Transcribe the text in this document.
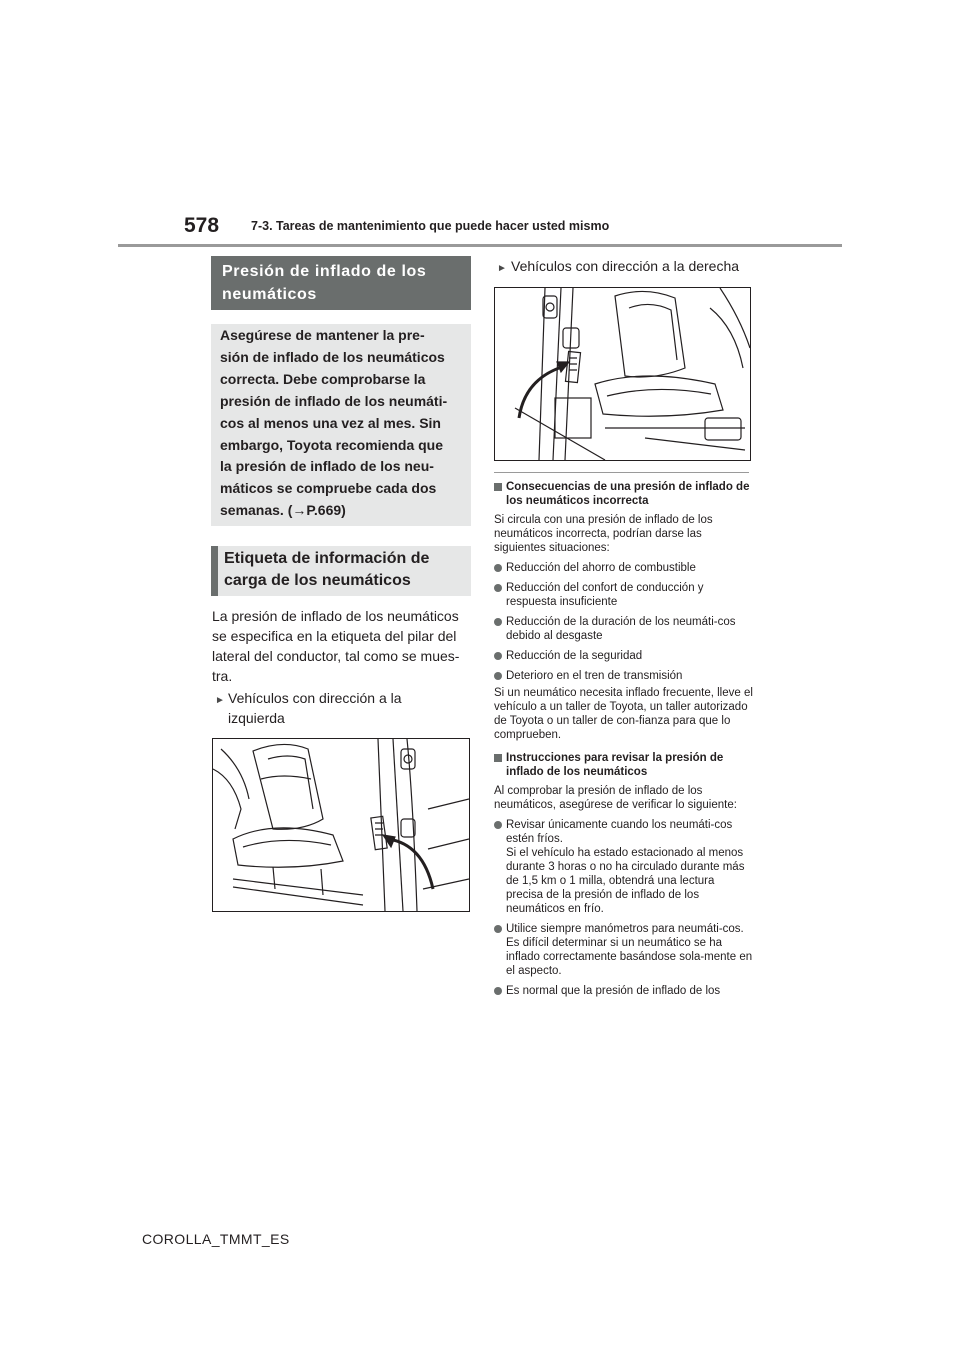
578	7-3. Tareas de mantenimiento que puede hacer usted mismo
Presión de inflado de los neumáticos
Asegúrese de mantener la pre-
sión de inflado de los neumáticos
correcta. Debe comprobarse la
presión de inflado de los neumáti-
cos al menos una vez al mes. Sin
embargo, Toyota recomienda que
la presión de inflado de los neu-
máticos se compruebe cada dos
semanas. (→P.669)
Etiqueta de información de carga de los neumáticos
La presión de inflado de los neumáticos
se especifica en la etiqueta del pilar del
lateral del conductor, tal como se mues-
tra.
► Vehículos con dirección a la
izquierda
► Vehículos con dirección a la derecha
Consecuencias de una presión de inflado de los neumáticos incorrecta
Si circula con una presión de inflado de los neumáticos incorrecta, podrían darse las siguientes situaciones:
Reducción del ahorro de combustible
Reducción del confort de conducción y respuesta insuficiente
Reducción de la duración de los neumáti-cos debido al desgaste
Reducción de la seguridad
Deterioro en el tren de transmisión
Si un neumático necesita inflado frecuente, lleve el vehículo a un taller de Toyota, un taller autorizado de Toyota o un taller de con-fianza para que lo comprueben.
Instrucciones para revisar la presión de inflado de los neumáticos
Al comprobar la presión de inflado de los neumáticos, asegúrese de verificar lo siguiente:
Revisar únicamente cuando los neumáti-cos estén fríos.
Si el vehículo ha estado estacionado al menos durante 3 horas o no ha circulado durante más de 1,5 km o 1 milla, obtendrá una lectura precisa de la presión de inflado de los neumáticos en frío.
Utilice siempre manómetros para neumáti-cos.
Es difícil determinar si un neumático se ha inflado correctamente basándose sola-mente en el aspecto.
Es normal que la presión de inflado de los
COROLLA_TMMT_ES
